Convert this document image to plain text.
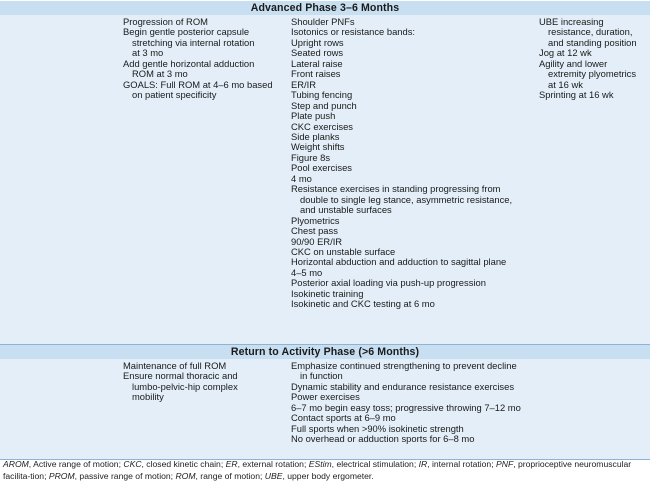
Advanced Phase 3–6 Months
Progression of ROM
Begin gentle posterior capsule
stretching via internal rotation
at 3 mo
Add gentle horizontal adduction
ROM at 3 mo
GOALS: Full ROM at 4–6 mo based
on patient specificity
Shoulder PNFs
Isotonics or resistance bands:
Upright rows
Seated rows
Lateral raise
Front raises
ER/IR
Tubing fencing
Step and punch
Plate push
CKC exercises
Side planks
Weight shifts
Figure 8s
Pool exercises
4 mo
Resistance exercises in standing progressing from
double to single leg stance, asymmetric resistance,
and unstable surfaces
Plyometrics
Chest pass
90/90 ER/IR
CKC on unstable surface
Horizontal abduction and adduction to sagittal plane
4–5 mo
Posterior axial loading via push-up progression
Isokinetic training
Isokinetic and CKC testing at 6 mo
UBE increasing
resistance, duration,
and standing position
Jog at 12 wk
Agility and lower
extremity plyometrics
at 16 wk
Sprinting at 16 wk
Return to Activity Phase (>6 Months)
Maintenance of full ROM
Ensure normal thoracic and
lumbo-pelvic-hip complex
mobility
Emphasize continued strengthening to prevent decline
in function
Dynamic stability and endurance resistance exercises
Power exercises
6–7 mo begin easy toss; progressive throwing 7–12 mo
Contact sports at 6–9 mo
Full sports when >90% isokinetic strength
No overhead or adduction sports for 6–8 mo
AROM, Active range of motion; CKC, closed kinetic chain; ER, external rotation; EStim, electrical stimulation; IR, internal rotation; PNF, proprioceptive neuromuscular facilita-tion; PROM, passive range of motion; ROM, range of motion; UBE, upper body ergometer.
